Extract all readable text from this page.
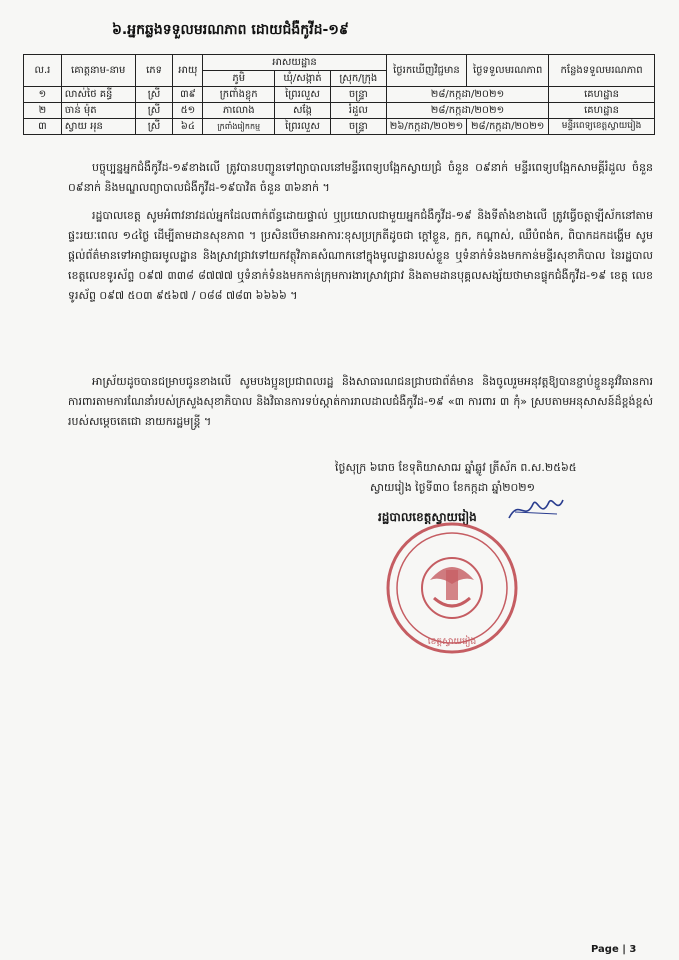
៦.អ្នកឆ្លងទទួលមរណភាព ដោយជំងឺកូវីដ-១៩
ល.រ	គោត្តនាម-នាម	ភេទ	អាយុ	អាសយដ្ឋាន			ថ្ងៃរកឃើញវិជ្ជមាន	ថ្ងៃទទួលមរណភាព	កន្លែងទទួលមរណភាព
				ភូមិ	ឃុំ/សង្កាត់	ស្រុក/ក្រុង			
១	លាស់ថៃ គន្ធី	ស្រី	៣៩	ក្រពាំងខ្លុក	ព្រៃរលួស	ចន្ទ្រា	២៨/កក្កដា/២០២១		គេហដ្ឋាន
២	ចាន់ ម៉ុត	ស្រី	៥១	ភាលោង	សង្កែ	រំដួល	២៨/កក្កដា/២០២១		គេហដ្ឋាន
៣	ស្វាយ អុន	ស្រី	៦៤	ក្រពាំងរៀកកម្ម	ព្រៃរលួស	ចន្ទ្រា	២៦/កក្កដា/២០២១	២៨/កក្កដា/២០២១	មន្ទីរពេទ្យខេត្តស្វាយរៀង

បច្ចុប្បន្នអ្នកជំងឺកូវីដ-១៩ខាងលើ ត្រូវបានបញ្ជូនទៅព្យាបាលនៅមន្ទីរពេទ្យបង្អែកស្វាយជ្រំ ចំនួន ០៩នាក់ មន្ទីរពេទ្យបង្អែកសាមគ្គីរំដួល ចំនួន ០៩នាក់ និងមណ្ឌលព្យាបាលជំងឺកូវីដ-១៩បាវិត ចំនួន ៣៦នាក់ ។

រដ្ឋបាលខេត្ត សូមអំពាវនាវដល់អ្នកដែលពាក់ព័ន្ធដោយផ្ទាល់ ឬប្រយោលជាមួយអ្នកជំងឺកូវីដ-១៩ និងទីតាំងខាងលើ ត្រូវធ្វើចត្តាឡីស័កនៅតាមផ្ទះរយៈពេល ១៤ថ្ងៃ ដើម្បីតាមដានសុខភាព ។ ប្រសិនបើមានអាការៈខុសប្រក្រតីដូចជា ក្តៅខ្លួន, ក្អក, កណ្តាស់, ឈឺបំពង់ក, ពិបាកដកដង្ហើម សូមផ្តល់ព័ត៌មានទៅអាជ្ញាធរមូលដ្ឋាន និងស្រាវជ្រាវទៅយកវត្ថុវិភាគសំណាកនៅក្នុងមូលដ្ឋានរបស់ខ្លួន ឬទំនាក់ទំនងមកកាន់មន្ទីរសុខាភិបាល នៃរដ្ឋបាលខេត្តលេខទូរស័ព្ទ ០៩៧ ៣៣៨ ៨៧៧៧ ឬទំនាក់ទំនងមកកាន់ក្រុមការងារស្រាវជ្រាវ និងតាមដានបុគ្គលសង្ស័យថាមានផ្ទុកជំងឺកូវីដ-១៩ ខេត្ត លេខទូរស័ព្ទ ០៩៧ ៥០៣ ៩៥៦៧ / ០៨៨ ៧៨៣ ៦៦៦៦ ។

អាស្រ័យដូចបានជម្រាបជូនខាងលើ សូមបងប្អូនប្រជាពលរដ្ឋ និងសាធារណជនជ្រាបជាព័ត៌មាន និងចូលរួមអនុវត្តឱ្យបានខ្ជាប់ខ្ជួននូវវិធានការការពារតាមការណែនាំរបស់ក្រសួងសុខាភិបាល និងវិធានការទប់ស្កាត់ការរាលដាលជំងឺកូវីដ-១៩ «៣ ការពារ ៣ កុំ» ស្របតាមអនុសាសន៍ដ៏ខ្ពង់ខ្ពស់របស់សម្តេចតេជោ នាយករដ្ឋមន្ត្រី ។

ថ្ងៃសុក្រ ៦រោច ខែទុតិយាសាឍ ឆ្នាំឆ្លូវ ត្រីស័ក ព.ស.២៥៦៥
ស្វាយរៀង ថ្ងៃទី៣០ ខែកក្កដា ឆ្នាំ២០២១
រដ្ឋបាលខេត្តស្វាយរៀង
ខេត្តស្វាយរៀង
Page | 3
